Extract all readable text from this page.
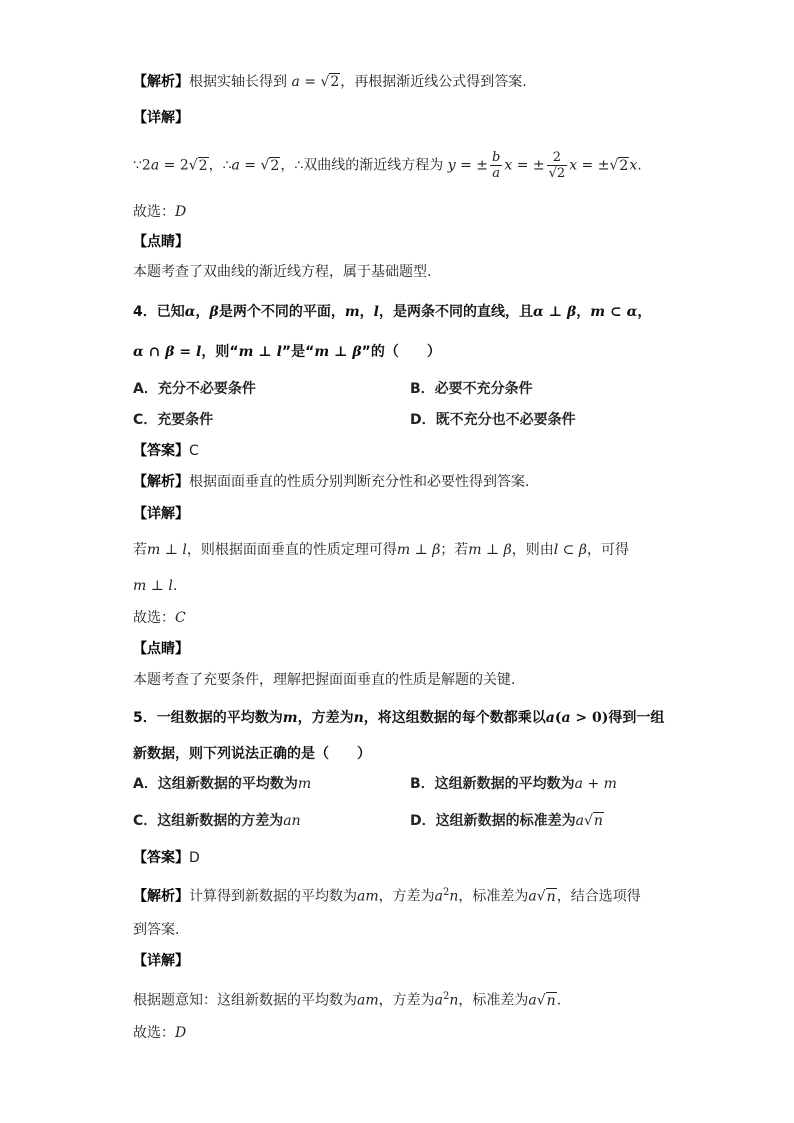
【解析】根据实轴长得到 a = √2，再根据渐近线公式得到答案.
【详解】
∵2a = 2√2，∴a = √2，∴双曲线的渐近线方程为 y = ± $\frac{b}{a}$ x = ± $\frac{2}{√2}$ x = ±√2x.
故选：D
【点睛】
本题考查了双曲线的渐近线方程，属于基础题型.
4．已知α，β是两个不同的平面，m，l，是两条不同的直线，且α ⊥ β，m ⊂ α，
α ∩ β = l，则“m ⊥ l”是“m ⊥ β”的（　　）
A．充分不必要条件	B．必要不充分条件
C．充要条件	D．既不充分也不必要条件
【答案】C
【解析】根据面面垂直的性质分别判断充分性和必要性得到答案.
【详解】
若m ⊥ l，则根据面面垂直的性质定理可得m ⊥ β；若m ⊥ β，则由l ⊂ β，可得
m ⊥ l.
故选：C
【点睛】
本题考查了充要条件，理解把握面面垂直的性质是解题的关键.
5．一组数据的平均数为m，方差为n，将这组数据的每个数都乘以a(a > 0)得到一组
新数据，则下列说法正确的是（　　）
A．这组新数据的平均数为m	B．这组新数据的平均数为a + m
C．这组新数据的方差为an	D．这组新数据的标准差为a√n
【答案】D
【解析】计算得到新数据的平均数为am，方差为$a^2n$，标准差为a√n，结合选项得
到答案.
【详解】
根据题意知：这组新数据的平均数为am，方差为$a^2n$，标准差为a√n.
故选：D
